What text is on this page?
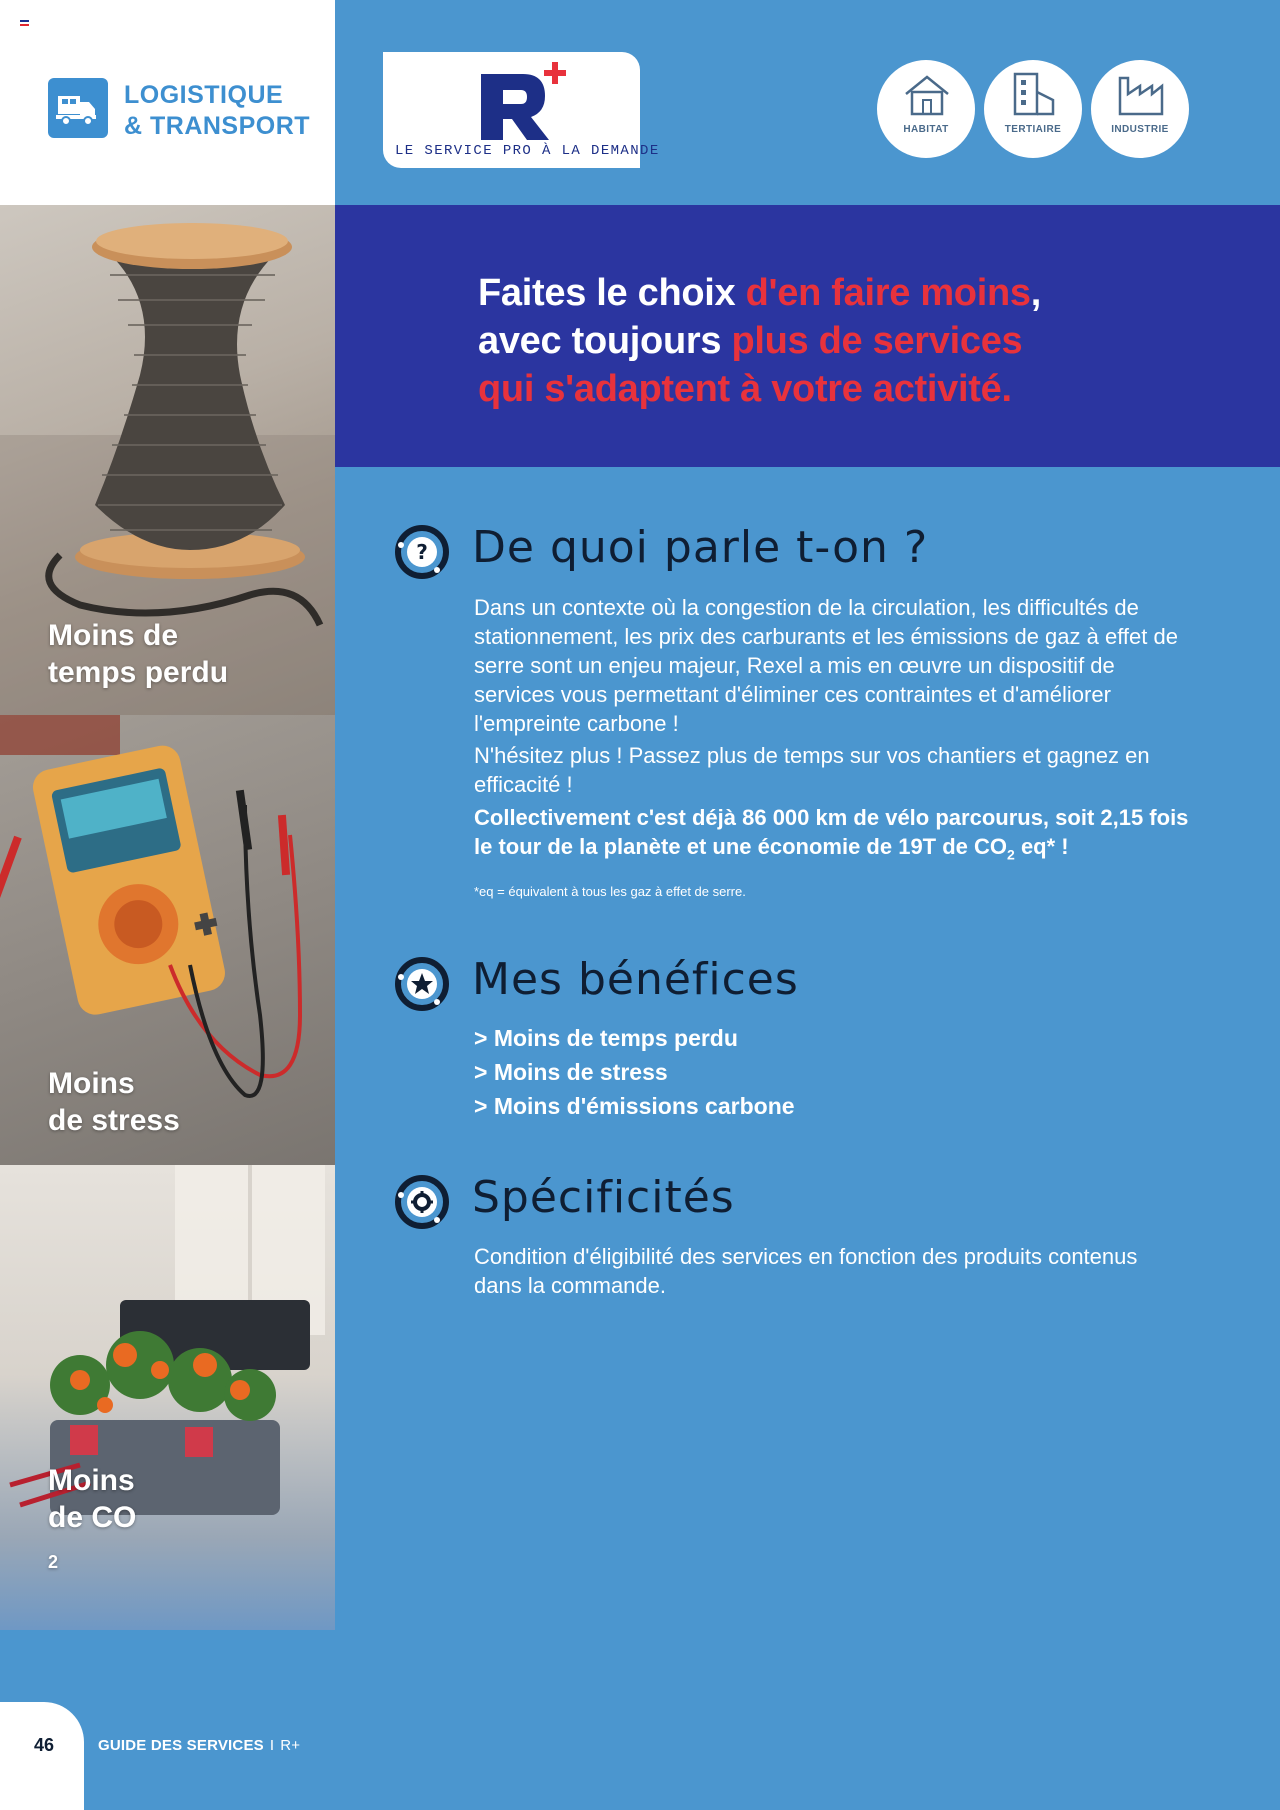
LOGISTIQUE
& TRANSPORT
Moins de
temps perdu
Moins
de stress
Moins
de CO
$_2$
LE SERVICE PRO À LA DEMANDE
HABITAT	TERTIAIRE	INDUSTRIE
Faites le choix d'en faire moins,
avec toujours plus de services
qui s'adaptent à votre activité.
? De quoi parle t-on ?
Dans un contexte où la congestion de la circulation, les difficultés de stationnement, les prix des carburants et les émissions de gaz à effet de serre sont un enjeu majeur, Rexel a mis en œuvre un dispositif de services vous permettant d'éliminer ces contraintes et d'améliorer l'empreinte carbone !
N'hésitez plus ! Passez plus de temps sur vos chantiers et gagnez en efficacité !
Collectivement c'est déjà 86 000 km de vélo parcourus, soit 2,15 fois le tour de la planète et une économie de 19T de $CO_2$ eq* !
*eq = équivalent à tous les gaz à effet de serre.
Mes bénéfices
> Moins de temps perdu
> Moins de stress
> Moins d'émissions carbone
Spécificités
Condition d'éligibilité des services en fonction des produits contenus dans la commande.
46	GUIDE DES SERVICES I R+
